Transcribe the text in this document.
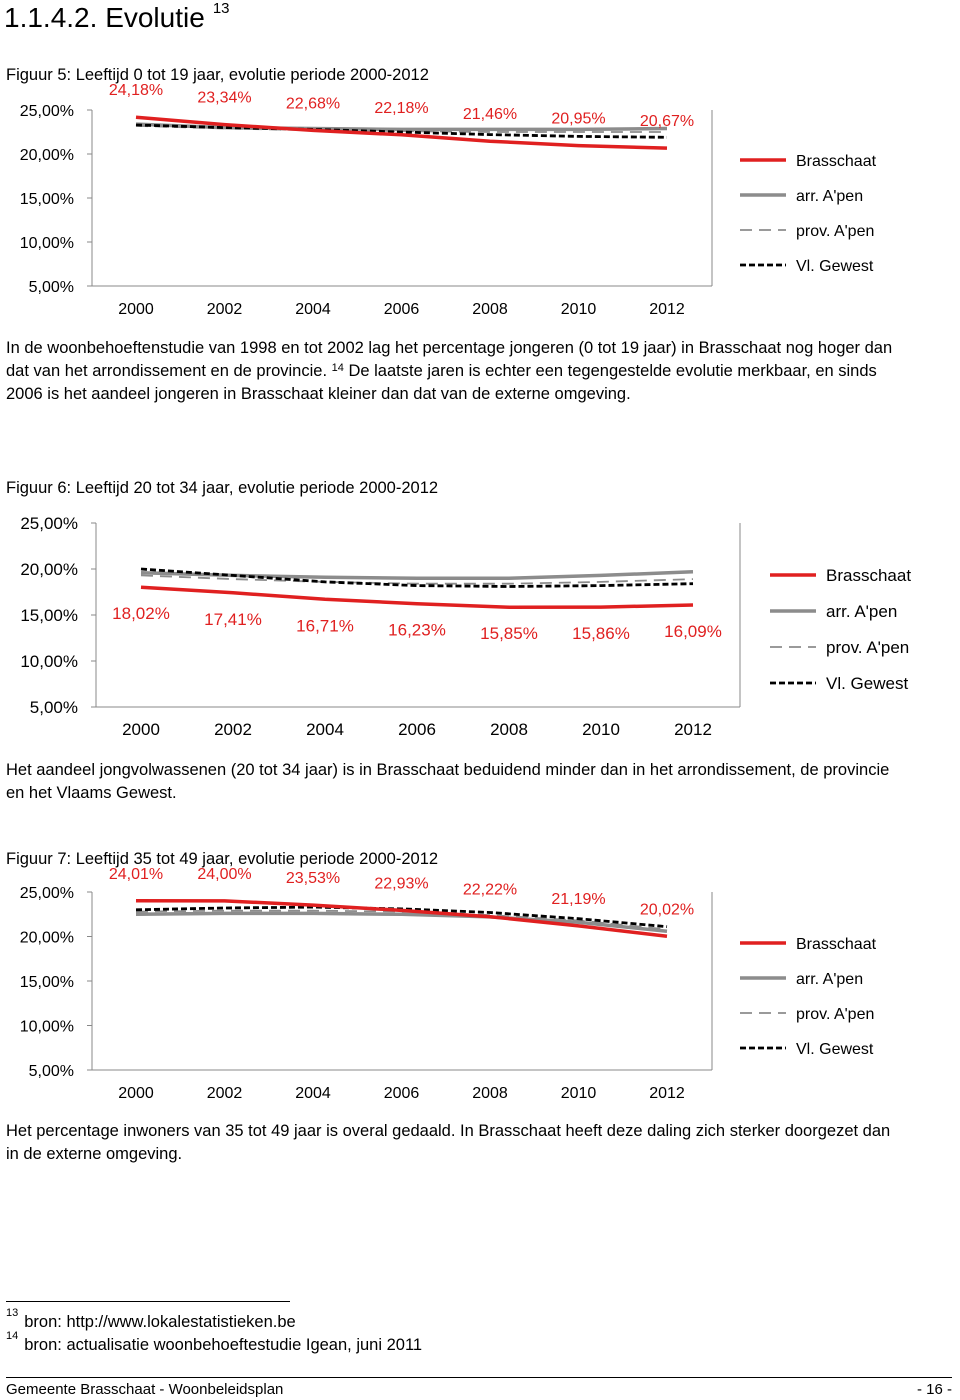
1.1.4.2. Evolutie $^{13}$
Figuur 5: Leeftijd 0 tot 19 jaar, evolutie periode 2000-2012
5,00%
10,00%
15,00%
20,00%
25,00%
2000	2002	2004	2006	2008	2010	2012
24,18% 23,34% 22,68% 22,18% 21,46% 20,95% 20,67%
Brasschaat
arr. A'pen
prov. A'pen
Vl. Gewest
In de woonbehoeftenstudie van 1998 en tot 2002 lag het percentage jongeren (0 tot 19 jaar) in Brasschaat nog hoger dan dat van het arrondissement en de provincie. $^{14}$ De laatste jaren is echter een tegengestelde evolutie merkbaar, en sinds 2006 is het aandeel jongeren in Brasschaat kleiner dan dat van de externe omgeving.
Figuur 6: Leeftijd 20 tot 34 jaar, evolutie periode 2000-2012
5,00%
10,00%
15,00%
20,00%
25,00%
2000	2002	2004	2006	2008	2010	2012
18,02% 17,41% 16,71% 16,23% 15,85% 15,86% 16,09%
Brasschaat
arr. A'pen
prov. A'pen
Vl. Gewest
Het aandeel jongvolwassenen (20 tot 34 jaar) is in Brasschaat beduidend minder dan in het arrondissement, de provincie en het Vlaams Gewest.
Figuur 7: Leeftijd 35 tot 49 jaar, evolutie periode 2000-2012
5,00%
10,00%
15,00%
20,00%
25,00%
2000	2002	2004	2006	2008	2010	2012
24,01% 24,00% 23,53% 22,93% 22,22%
21,19%
20,02%
Brasschaat
arr. A'pen
prov. A'pen
Vl. Gewest
Het percentage inwoners van 35 tot 49 jaar is overal gedaald. In Brasschaat heeft deze daling zich sterker doorgezet dan in de externe omgeving.
$^{13}$ bron: http://www.lokalestatistieken.be
$^{14}$ bron: actualisatie woonbehoeftestudie Igean, juni 2011
Gemeente Brasschaat - Woonbeleidsplan	- 16 -
